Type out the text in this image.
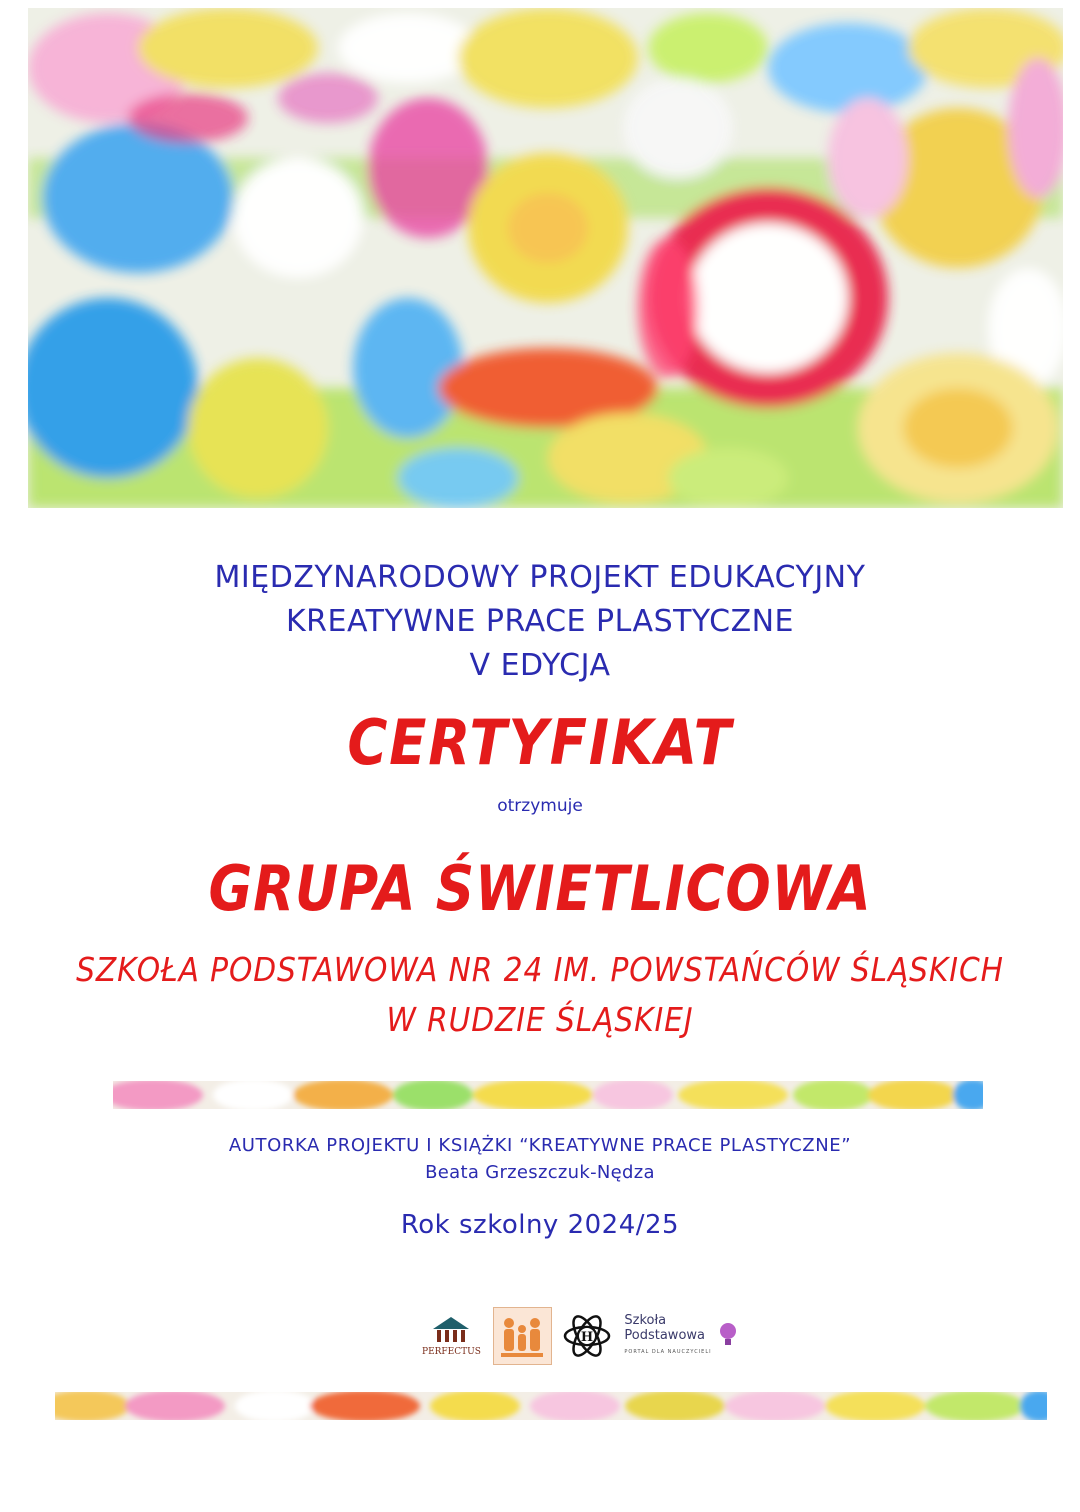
MIĘDZYNARODOWY PROJEKT EDUKACYJNY
KREATYWNE PRACE PLASTYCZNE
V EDYCJA
CERTYFIKAT
otrzymuje
GRUPA ŚWIETLICOWA
SZKOŁA PODSTAWOWA NR 24 IM. POWSTAŃCÓW ŚLĄSKICH
W RUDZIE ŚLĄSKIEJ
AUTORKA PROJEKTU I KSIĄŻKI “KREATYWNE PRACE PLASTYCZNE”
Beata Grzeszczuk-Nędza
Rok szkolny 2024/25
PERFECTUS
H
Szkoła
Podstawowa
PORTAL DLA NAUCZYCIELI
